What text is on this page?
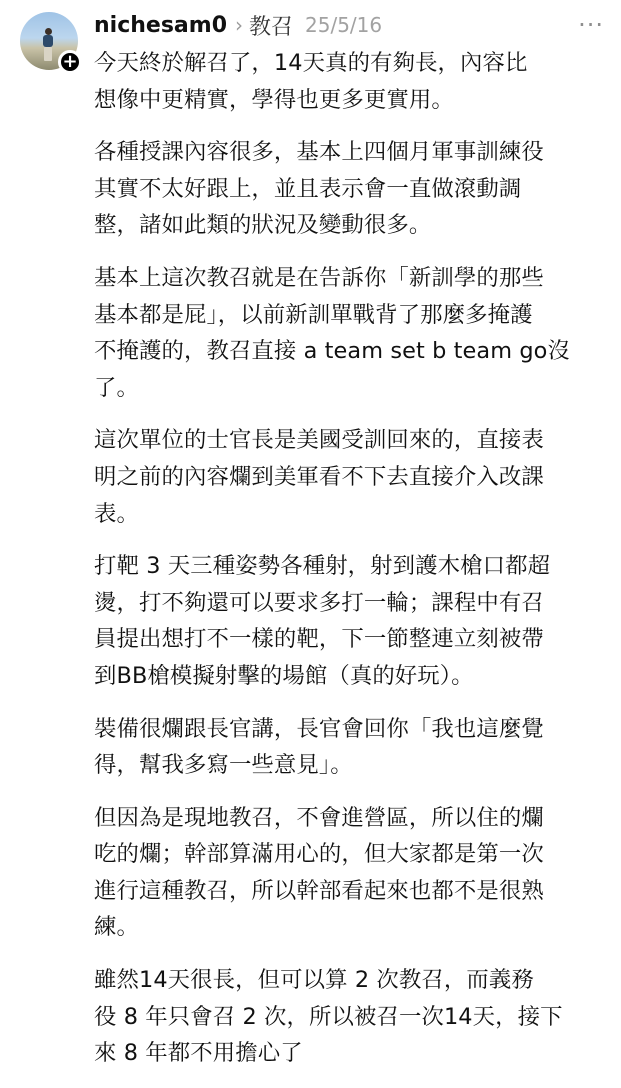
+
nichesam0 › 教召 25/5/16	···

今天終於解召了，14天真的有夠長，內容比
想像中更精實，學得也更多更實用。

各種授課內容很多，基本上四個月軍事訓練役
其實不太好跟上，並且表示會一直做滾動調
整，諸如此類的狀況及變動很多。

基本上這次教召就是在告訴你「新訓學的那些
基本都是屁」，以前新訓單戰背了那麼多掩護
不掩護的，教召直接 a team set b team go沒
了。

這次單位的士官長是美國受訓回來的，直接表
明之前的內容爛到美軍看不下去直接介入改課
表。

打靶 3 天三種姿勢各種射，射到護木槍口都超
燙，打不夠還可以要求多打一輪；課程中有召
員提出想打不一樣的靶，下一節整連立刻被帶
到BB槍模擬射擊的場館（真的好玩）。

裝備很爛跟長官講，長官會回你「我也這麼覺
得，幫我多寫一些意見」。

但因為是現地教召，不會進營區，所以住的爛
吃的爛；幹部算滿用心的，但大家都是第一次
進行這種教召，所以幹部看起來也都不是很熟
練。

雖然14天很長，但可以算 2 次教召，而義務
役 8 年只會召 2 次，所以被召一次14天，接下
來 8 年都不用擔心了
